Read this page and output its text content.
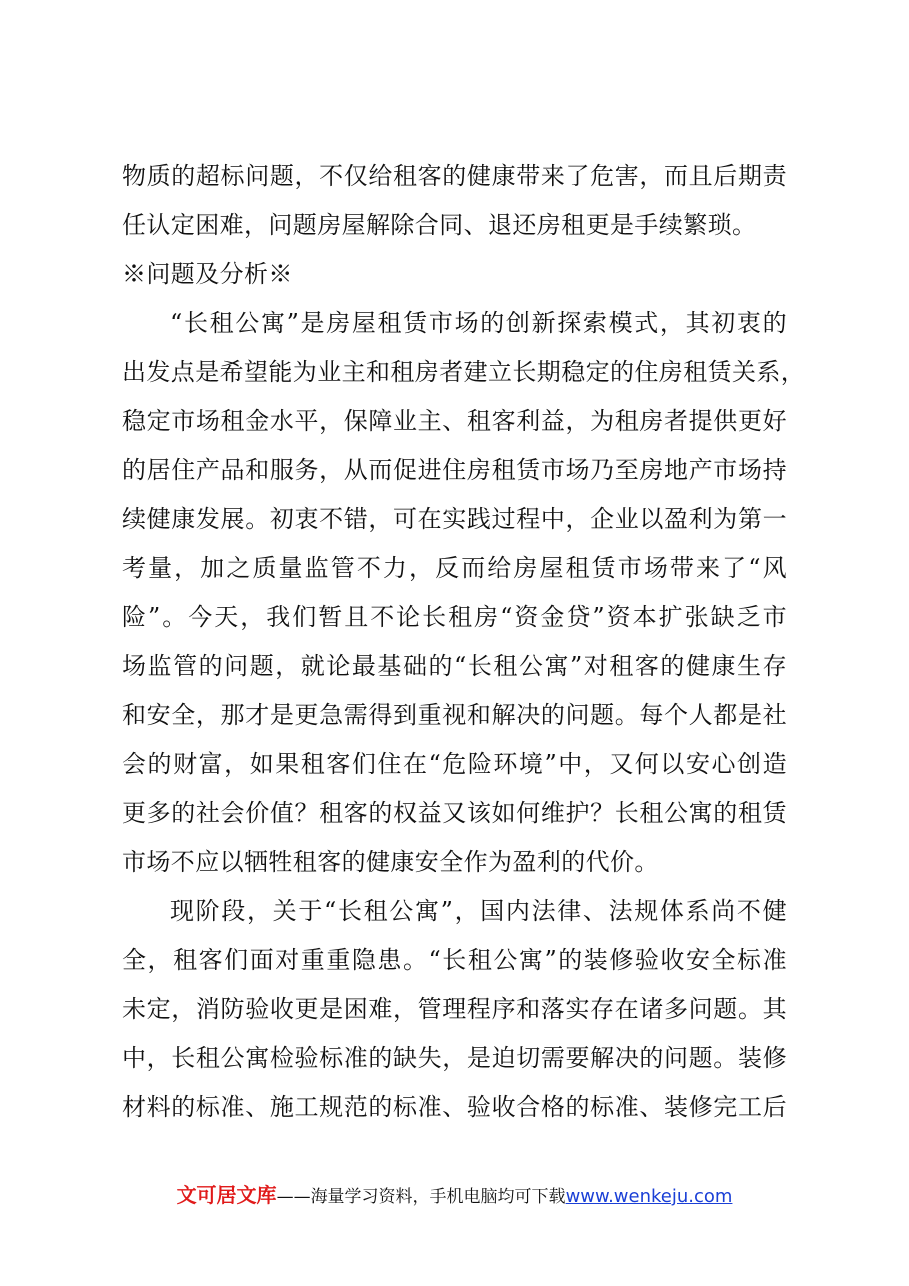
物质的超标问题，不仅给租客的健康带来了危害，而且后期责
任认定困难，问题房屋解除合同、退还房租更是手续繁琐。
※问题及分析※
“长租公寓”是房屋租赁市场的创新探索模式，其初衷的
出发点是希望能为业主和租房者建立长期稳定的住房租赁关系，
稳定市场租金水平，保障业主、租客利益，为租房者提供更好
的居住产品和服务，从而促进住房租赁市场乃至房地产市场持
续健康发展。初衷不错，可在实践过程中，企业以盈利为第一
考量，加之质量监管不力，反而给房屋租赁市场带来了“风
险”。今天，我们暂且不论长租房“资金贷”资本扩张缺乏市
场监管的问题，就论最基础的“长租公寓”对租客的健康生存
和安全，那才是更急需得到重视和解决的问题。每个人都是社
会的财富，如果租客们住在“危险环境”中，又何以安心创造
更多的社会价值？租客的权益又该如何维护？长租公寓的租赁
市场不应以牺牲租客的健康安全作为盈利的代价。
现阶段，关于“长租公寓”，国内法律、法规体系尚不健
全，租客们面对重重隐患。“长租公寓”的装修验收安全标准
未定，消防验收更是困难，管理程序和落实存在诸多问题。其
中，长租公寓检验标准的缺失，是迫切需要解决的问题。装修
材料的标准、施工规范的标准、验收合格的标准、装修完工后
文可居文库——海量学习资料，手机电脑均可下载www.wenkeju.com
